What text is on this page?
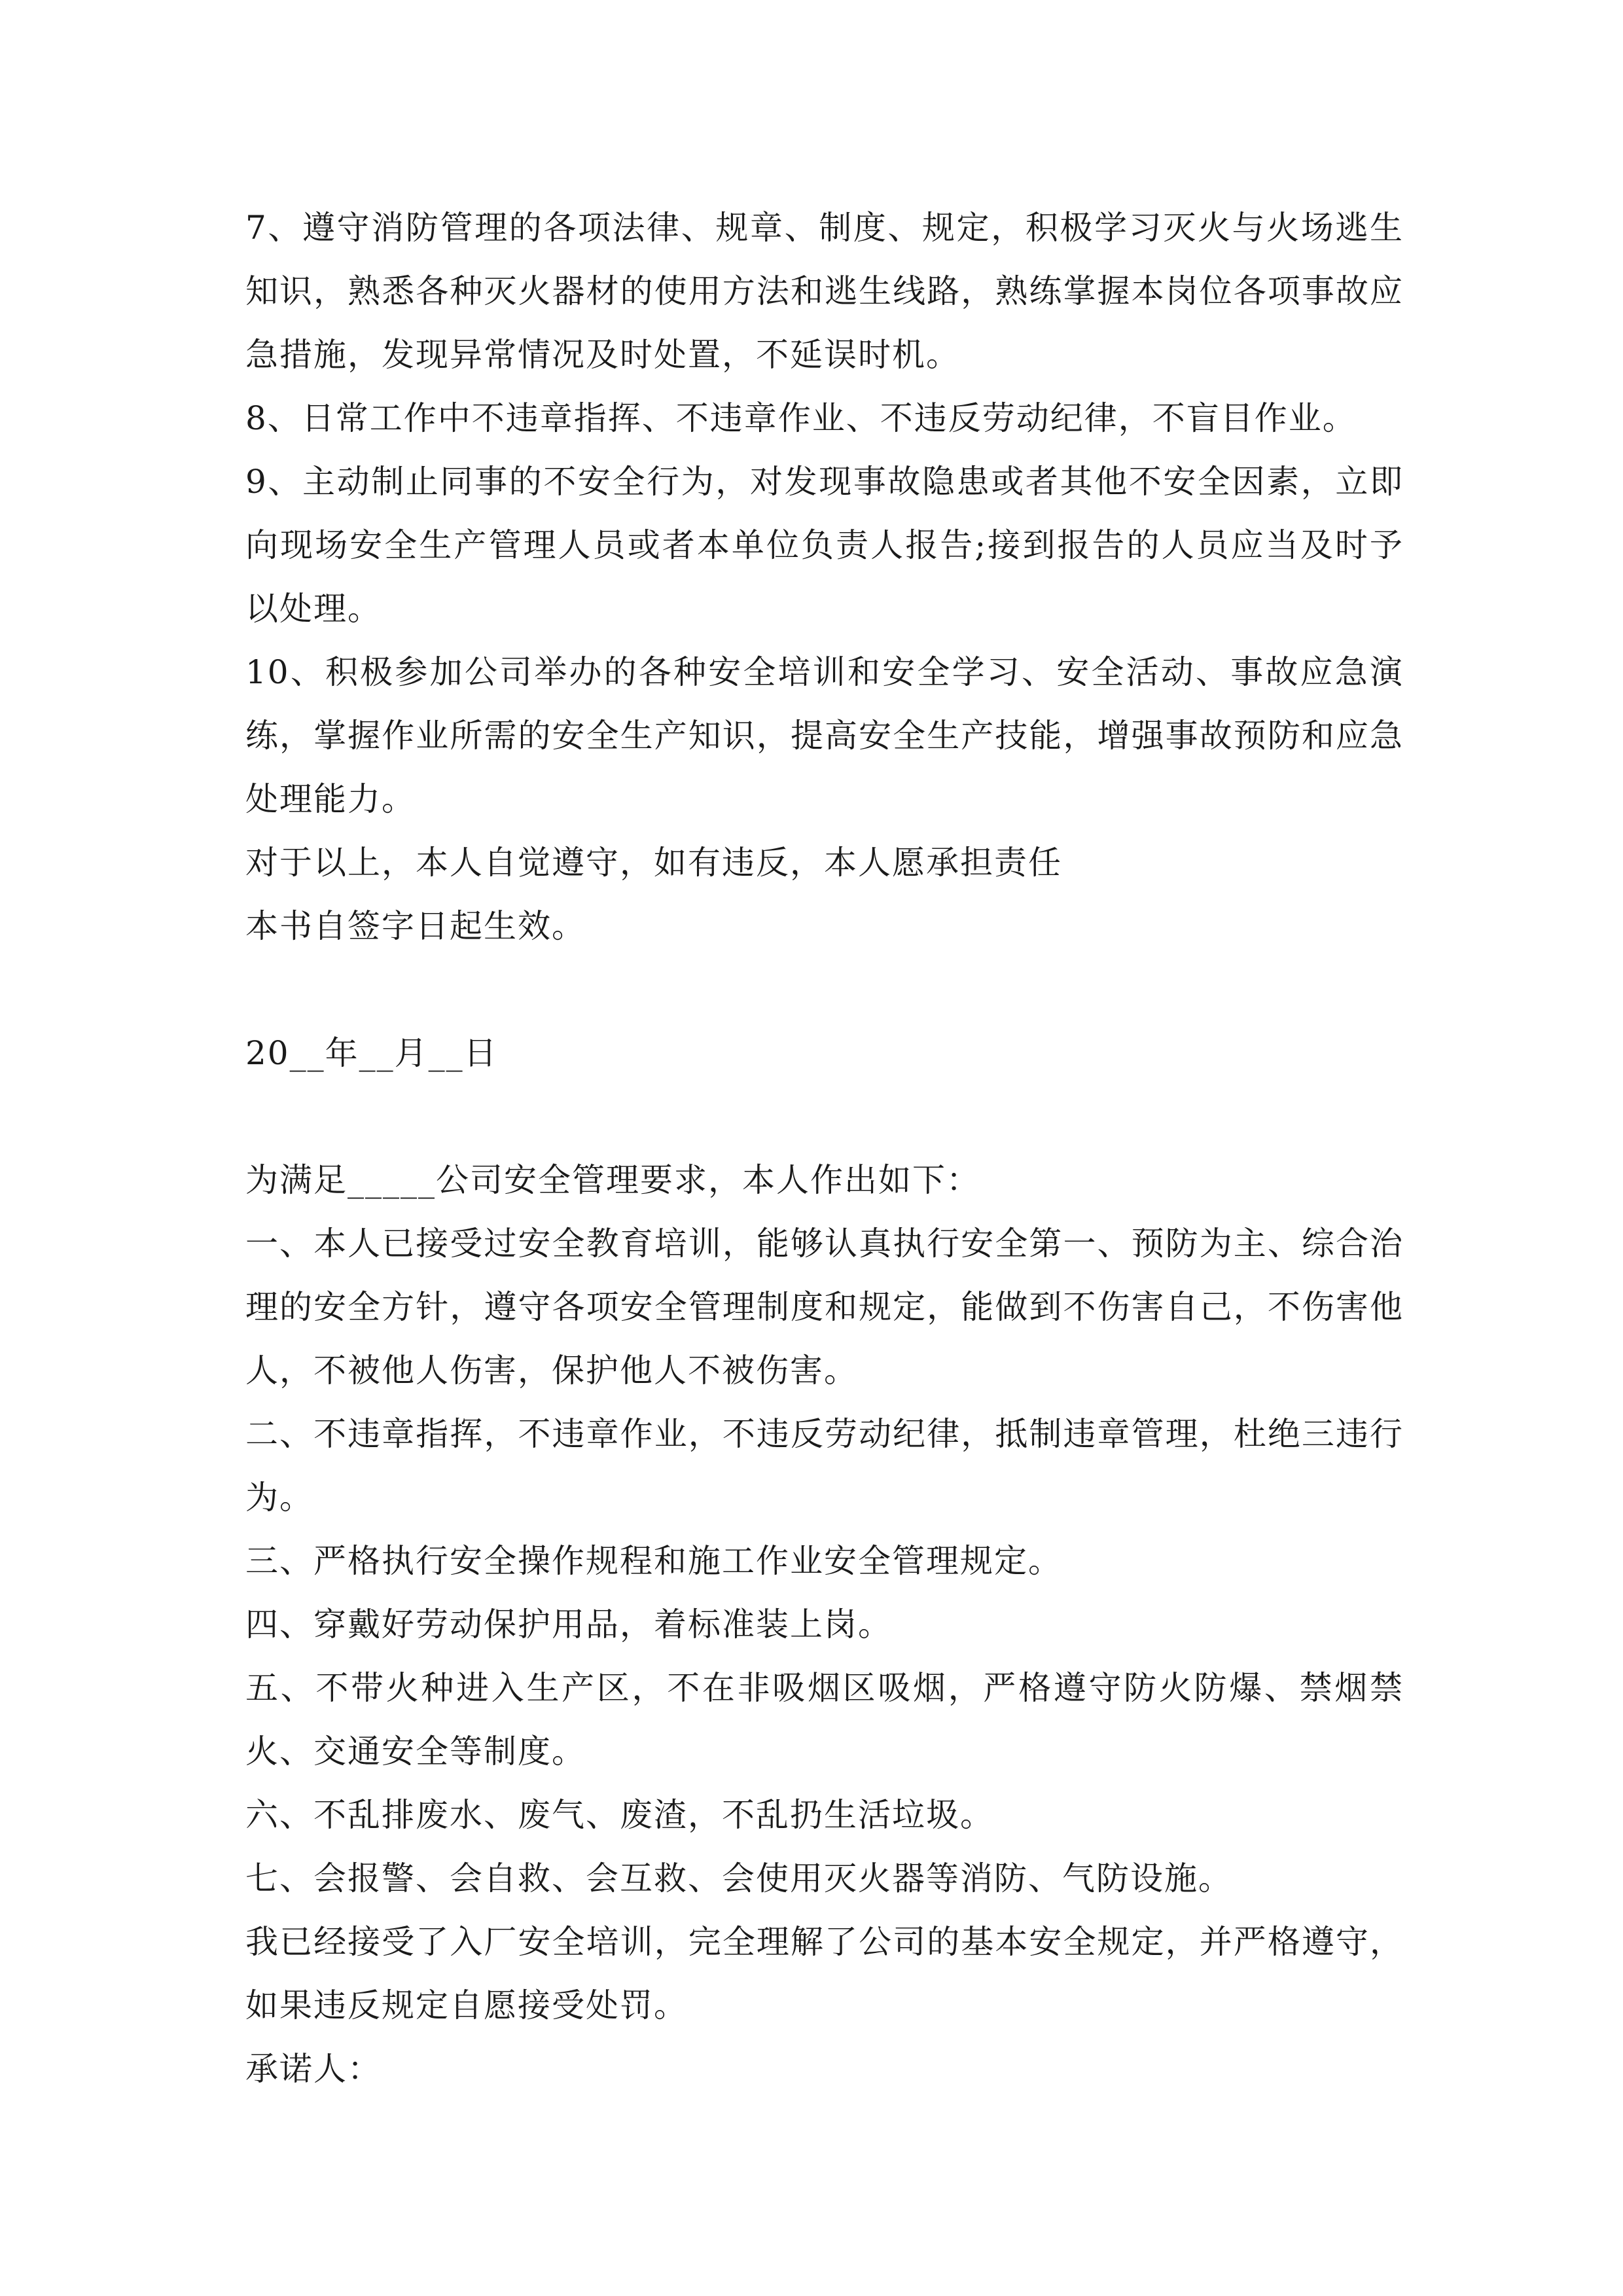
7、遵守消防管理的各项法律、规章、制度、规定，积极学习灭火与火场逃生知识，熟悉各种灭火器材的使用方法和逃生线路，熟练掌握本岗位各项事故应急措施，发现异常情况及时处置，不延误时机。

8、日常工作中不违章指挥、不违章作业、不违反劳动纪律，不盲目作业。

9、主动制止同事的不安全行为，对发现事故隐患或者其他不安全因素，立即向现场安全生产管理人员或者本单位负责人报告;接到报告的人员应当及时予以处理。

10、积极参加公司举办的各种安全培训和安全学习、安全活动、事故应急演练，掌握作业所需的安全生产知识，提高安全生产技能，增强事故预防和应急处理能力。

对于以上，本人自觉遵守，如有违反，本人愿承担责任

本书自签字日起生效。

20__年__月__日

为满足_____公司安全管理要求，本人作出如下：

一、本人已接受过安全教育培训，能够认真执行安全第一、预防为主、综合治理的安全方针，遵守各项安全管理制度和规定，能做到不伤害自己，不伤害他人，不被他人伤害，保护他人不被伤害。

二、不违章指挥，不违章作业，不违反劳动纪律，抵制违章管理，杜绝三违行为。

三、严格执行安全操作规程和施工作业安全管理规定。

四、穿戴好劳动保护用品，着标准装上岗。

五、不带火种进入生产区，不在非吸烟区吸烟，严格遵守防火防爆、禁烟禁火、交通安全等制度。

六、不乱排废水、废气、废渣，不乱扔生活垃圾。

七、会报警、会自救、会互救、会使用灭火器等消防、气防设施。

我已经接受了入厂安全培训，完全理解了公司的基本安全规定，并严格遵守，如果违反规定自愿接受处罚。

承诺人：
